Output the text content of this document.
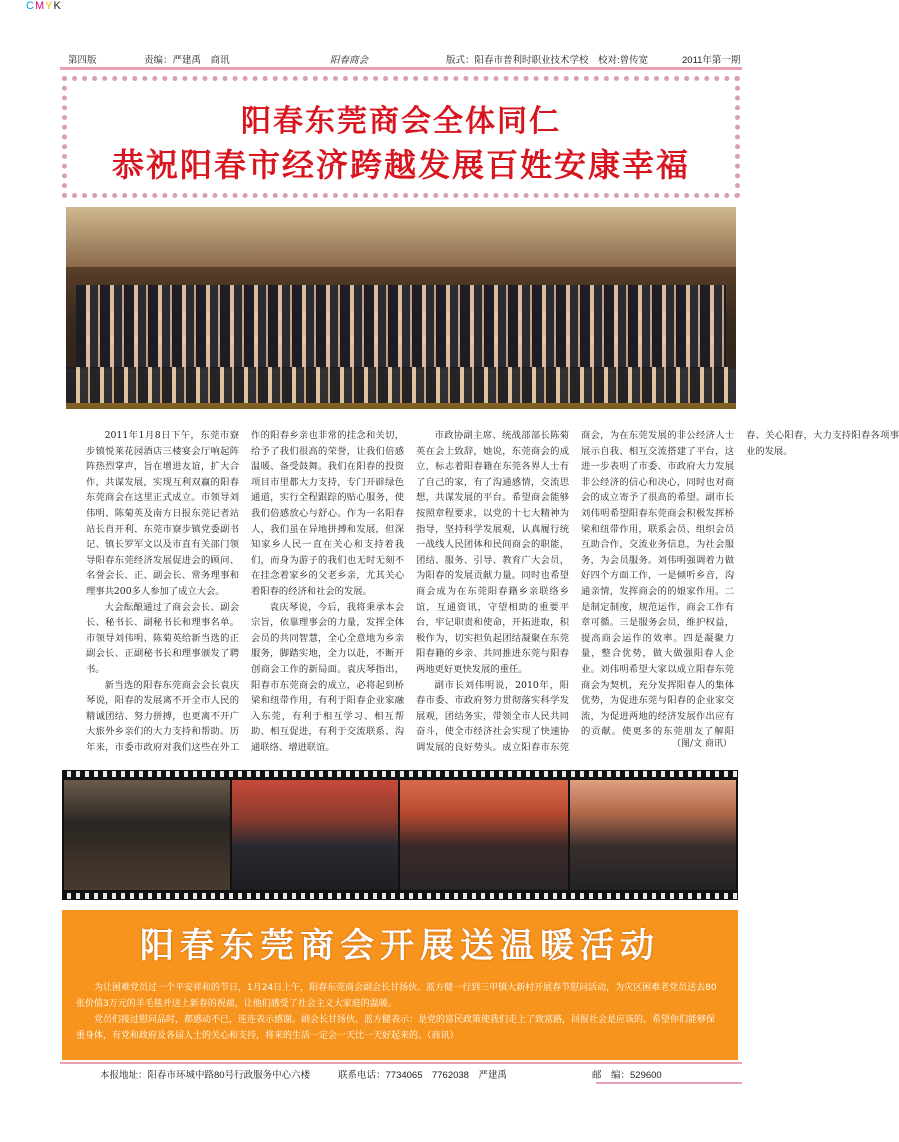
CMYK
第四版	责编：严建禹　商讯	阳春商会	版式：阳春市普利时职业技术学校　校对:曾传宽	2011年第一期
阳春东莞商会全体同仁
恭祝阳春市经济跨越发展百姓安康幸福

2011年1月8日下午，东莞市寮步镇悦莱花园酒店三楼宴会厅响起阵阵热烈掌声，旨在增进友谊，扩大合作，共谋发展，实现互利双赢的阳春东莞商会在这里正式成立。市领导刘伟明、陈菊英及南方日报东莞记者站站长肖开利、东莞市寮步镇党委副书记、镇长罗军文以及市直有关部门领导阳春东莞经济发展促进会的顾问、名誉会长、正、副会长、常务理事和理事共200多人参加了成立大会。

大会酝酿通过了商会会长、副会长、秘书长、副秘书长和理事名单。市领导刘伟明、陈菊英给新当选的正副会长、正副秘书长和理事颁发了聘书。

新当选的阳春东莞商会会长袁庆琴说，阳春的发展离不开全市人民的精诚团结、努力拼搏，也更离不开广大旅外乡亲们的大力支持和帮助。历年来，市委市政府对我们这些在外工作的阳春乡亲也非常的挂念和关切，给予了我们很高的荣誉，让我们倍感温暖、备受鼓舞。我们在阳春的投资项目市里都大力支持，专门开辟绿色通道，实行全程跟踪的贴心服务，使我们倍感放心与舒心。作为一名阳春人，我们虽在异地拼搏和发展，但深知家乡人民一直在关心和支持着我们，而身为游子的我们也无时无刻不在挂念着家乡的父老乡亲，尤其关心着阳春的经济和社会的发展。

袁庆琴说，今后，我将秉承本会宗旨，依靠理事会的力量，发挥全体会员的共同智慧，全心全意地为乡亲服务，脚踏实地，全力以赴，不断开创商会工作的新局面。袁庆琴指出，阳春市东莞商会的成立，必将起到桥梁和纽带作用，有利于阳春企业家融入东莞，有利于相互学习、相互帮助、相互促进，有利于交流联系、沟通联络、增进联谊。

市政协副主席、统战部部长陈菊英在会上致辞，她说，东莞商会的成立，标志着阳春籍在东莞各界人士有了自己的家，有了沟通感情，交流思想，共谋发展的平台。希望商会能够按照章程要求，以党的十七大精神为指导，坚持科学发展观，认真履行统一战线人民团体和民间商会的职能，团结、服务、引导、教育广大会员，为阳春的发展贡献力量。同时也希望商会成为在东莞阳春籍乡亲联络乡谊，互通资讯，守望相助的重要平台，牢记职责和使命，开拓进取，积极作为，切实担负起团结凝聚在东莞阳春籍的乡亲、共同推进东莞与阳春两地更好更快发展的重任。

副市长刘伟明说，2010年，阳春市委、市政府努力贯彻落实科学发展观，团结务实，带领全市人民共同奋斗，使全市经济社会实现了快速协调发展的良好势头。成立阳春市东莞商会，为在东莞发展的非公经济人士展示自我、相互交流搭建了平台，这进一步表明了市委、市政府大力发展非公经济的信心和决心，同时也对商会的成立寄予了很高的希望。副市长刘伟明希望阳春东莞商会积极发挥桥梁和纽带作用，联系会员、组织会员互助合作，交流业务信息，为社会服务，为会员服务。刘伟明强调着力做好四个方面工作，一是倾听乡音，沟通亲情，发挥商会的的娘家作用。二是制定制度，规范运作，商会工作有章可循。三是服务会员，维护权益，提高商会运作的效率。四是凝聚力量，整合优势，做大做强阳春人企业。刘伟明希望大家以成立阳春东莞商会为契机，充分发挥阳春人的集体优势，为促进东莞与阳春的企业家交流，为促进两地的经济发展作出应有的贡献。使更多的东莞朋友了解阳春、关心阳春，大力支持阳春各项事业的发展。

（图/文 商讯）
阳春东莞商会开展送温暖活动

为让困难党员过一个平安祥和的节日，1月24日上午，阳春东莞商会副会长甘扬伙、蓝方健一行到三甲镇大新村开展春节慰问活动，为灾区困难老党员送去80张价值3万元的羊毛毯并送上新春的祝福，让他们感受了社会主义大家庭的温暖。

党员们接过慰问品时，都感动不已，连连表示感谢。副会长甘扬伙、蓝方健表示：是党的富民政策使我们走上了致富路，回报社会是应该的。希望你们能够保重身体，有党和政府及各届人士的关心和支持，将来的生活一定会一天比一天好起来的。（商讯）

本报地址：阳春市环城中路80号行政服务中心六楼	联系电话：7734065　7762038　严建禹	邮　编：529600
